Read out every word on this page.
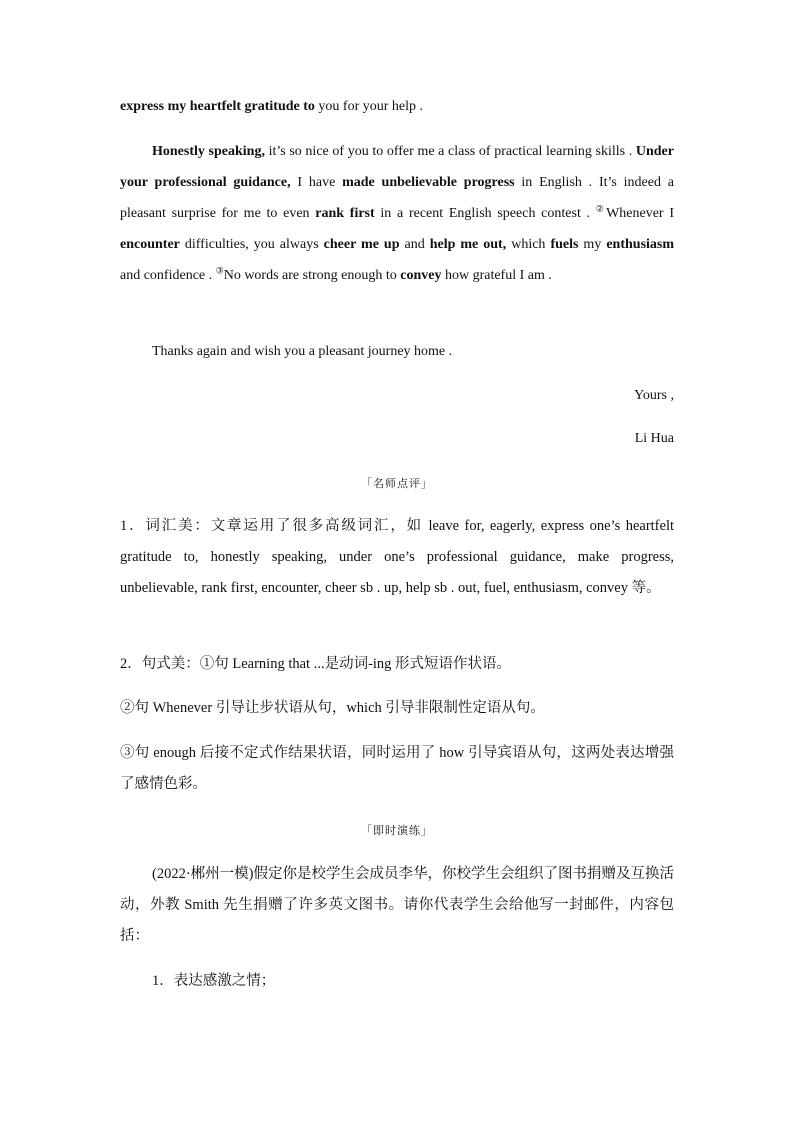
express my heartfelt gratitude to you for your help .

Honestly speaking, it’s so nice of you to offer me a class of practical learning skills . Under your professional guidance, I have made unbelievable progress in English . It’s indeed a pleasant surprise for me to even rank first in a recent English speech contest . ②Whenever I encounter difficulties, you always cheer me up and help me out, which fuels my enthusiasm and confidence . ③No words are strong enough to convey how grateful I am .

Thanks again and wish you a pleasant journey home .

Yours ,

Li Hua

「名师点评」

1．词汇美：文章运用了很多高级词汇，如 leave for, eagerly, express one’s heartfelt gratitude to, honestly speaking, under one’s professional guidance, make progress, unbelievable, rank first, encounter, cheer sb . up, help sb . out, fuel, enthusiasm, convey 等。

2．句式美：①句 Learning that ...是动词-ing 形式短语作状语。

②句 Whenever 引导让步状语从句，which 引导非限制性定语从句。

③句 enough 后接不定式作结果状语，同时运用了 how 引导宾语从句，这两处表达增强了感情色彩。

「即时演练」

(2022·郴州一模)假定你是校学生会成员李华，你校学生会组织了图书捐赠及互换活动，外教 Smith 先生捐赠了许多英文图书。请你代表学生会给他写一封邮件，内容包括：

1．表达感激之情；
